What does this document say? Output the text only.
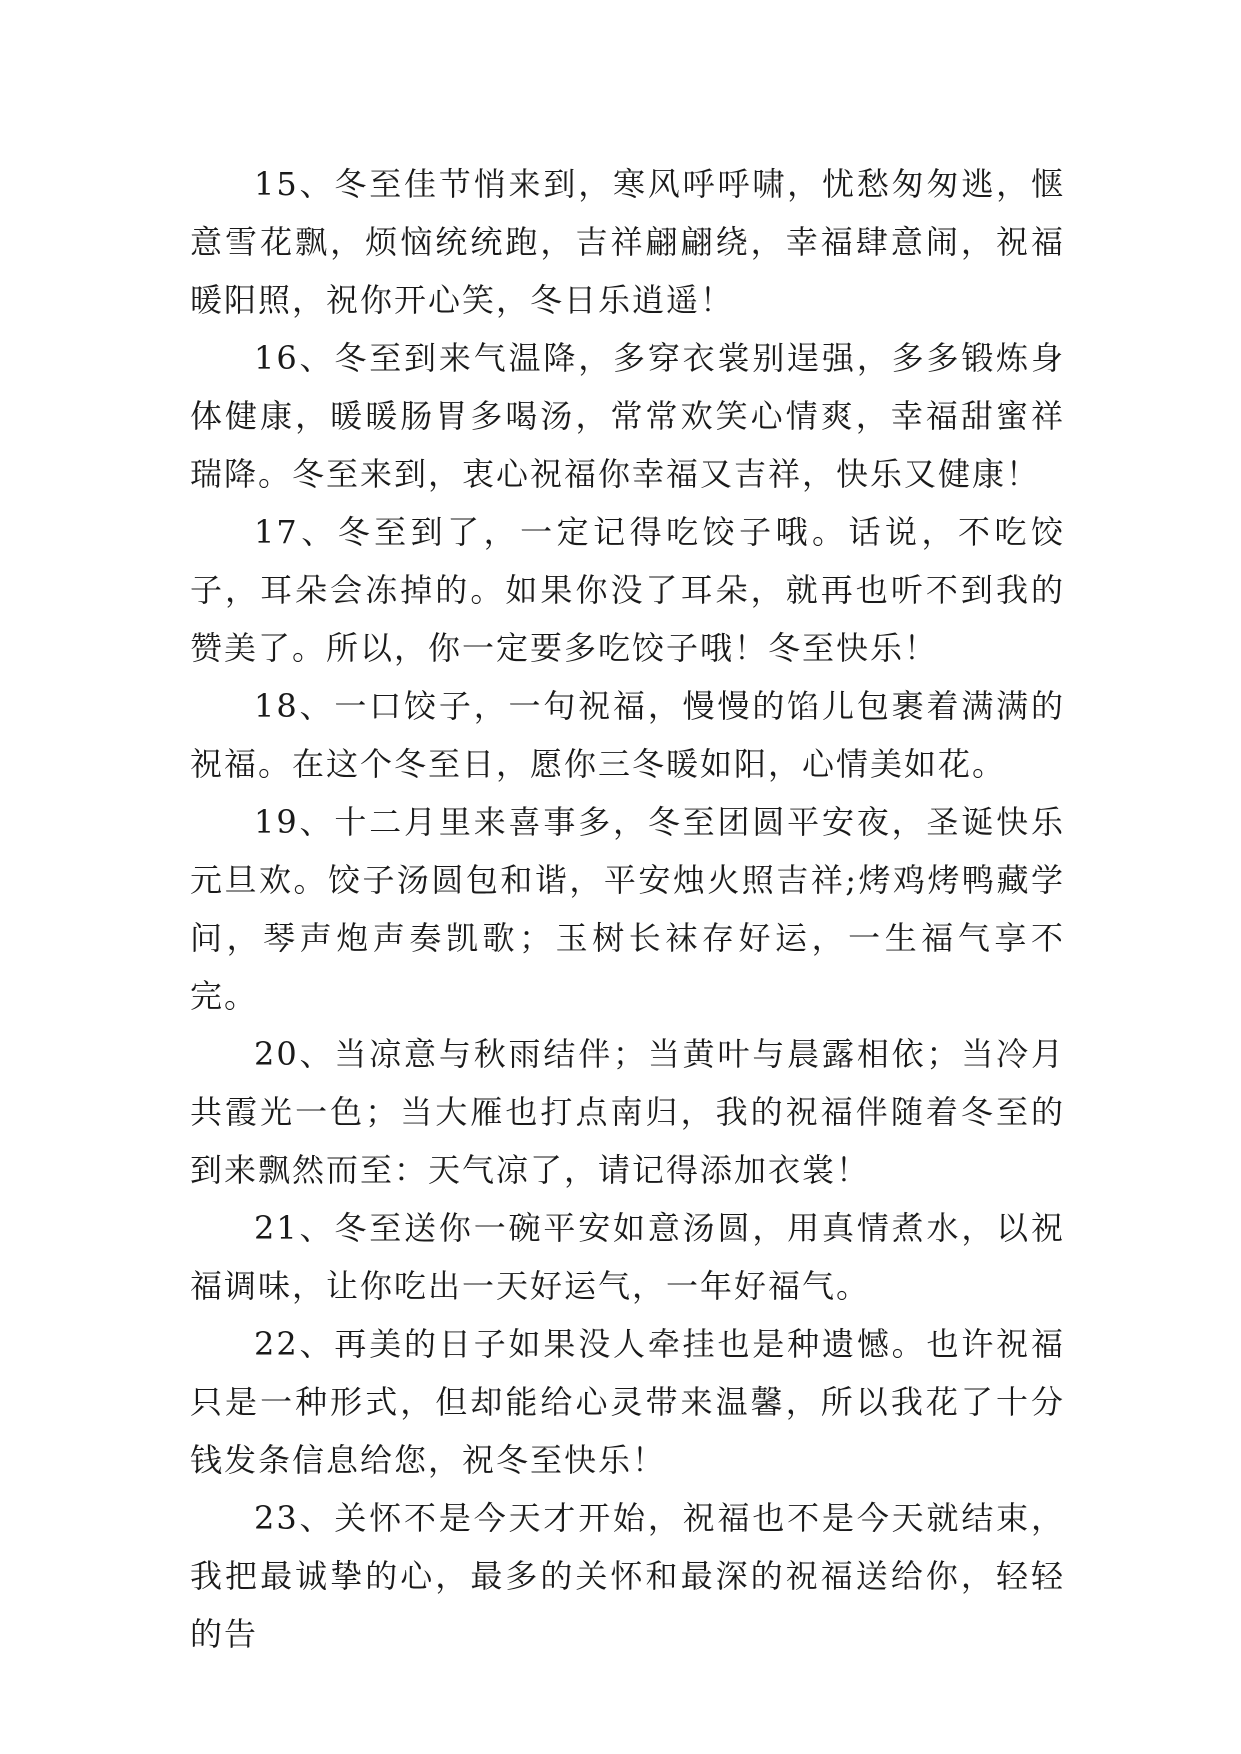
15、冬至佳节悄来到，寒风呼呼啸，忧愁匆匆逃，惬意雪花飘，烦恼统统跑，吉祥翩翩绕，幸福肆意闹，祝福暖阳照，祝你开心笑，冬日乐逍遥！

16、冬至到来气温降，多穿衣裳别逞强，多多锻炼身体健康，暖暖肠胃多喝汤，常常欢笑心情爽，幸福甜蜜祥瑞降。冬至来到，衷心祝福你幸福又吉祥，快乐又健康！

17、冬至到了，一定记得吃饺子哦。话说，不吃饺子，耳朵会冻掉的。如果你没了耳朵，就再也听不到我的赞美了。所以，你一定要多吃饺子哦！冬至快乐！

18、一口饺子，一句祝福，慢慢的馅儿包裹着满满的祝福。在这个冬至日，愿你三冬暖如阳，心情美如花。

19、十二月里来喜事多，冬至团圆平安夜，圣诞快乐元旦欢。饺子汤圆包和谐，平安烛火照吉祥;烤鸡烤鸭藏学问，琴声炮声奏凯歌；玉树长袜存好运，一生福气享不完。

20、当凉意与秋雨结伴；当黄叶与晨露相依；当冷月共霞光一色；当大雁也打点南归，我的祝福伴随着冬至的到来飘然而至：天气凉了，请记得添加衣裳！

21、冬至送你一碗平安如意汤圆，用真情煮水，以祝福调味，让你吃出一天好运气，一年好福气。

22、再美的日子如果没人牵挂也是种遗憾。也许祝福只是一种形式，但却能给心灵带来温馨，所以我花了十分钱发条信息给您，祝冬至快乐！

23、关怀不是今天才开始，祝福也不是今天就结束，我把最诚挚的心，最多的关怀和最深的祝福送给你，轻轻的告
